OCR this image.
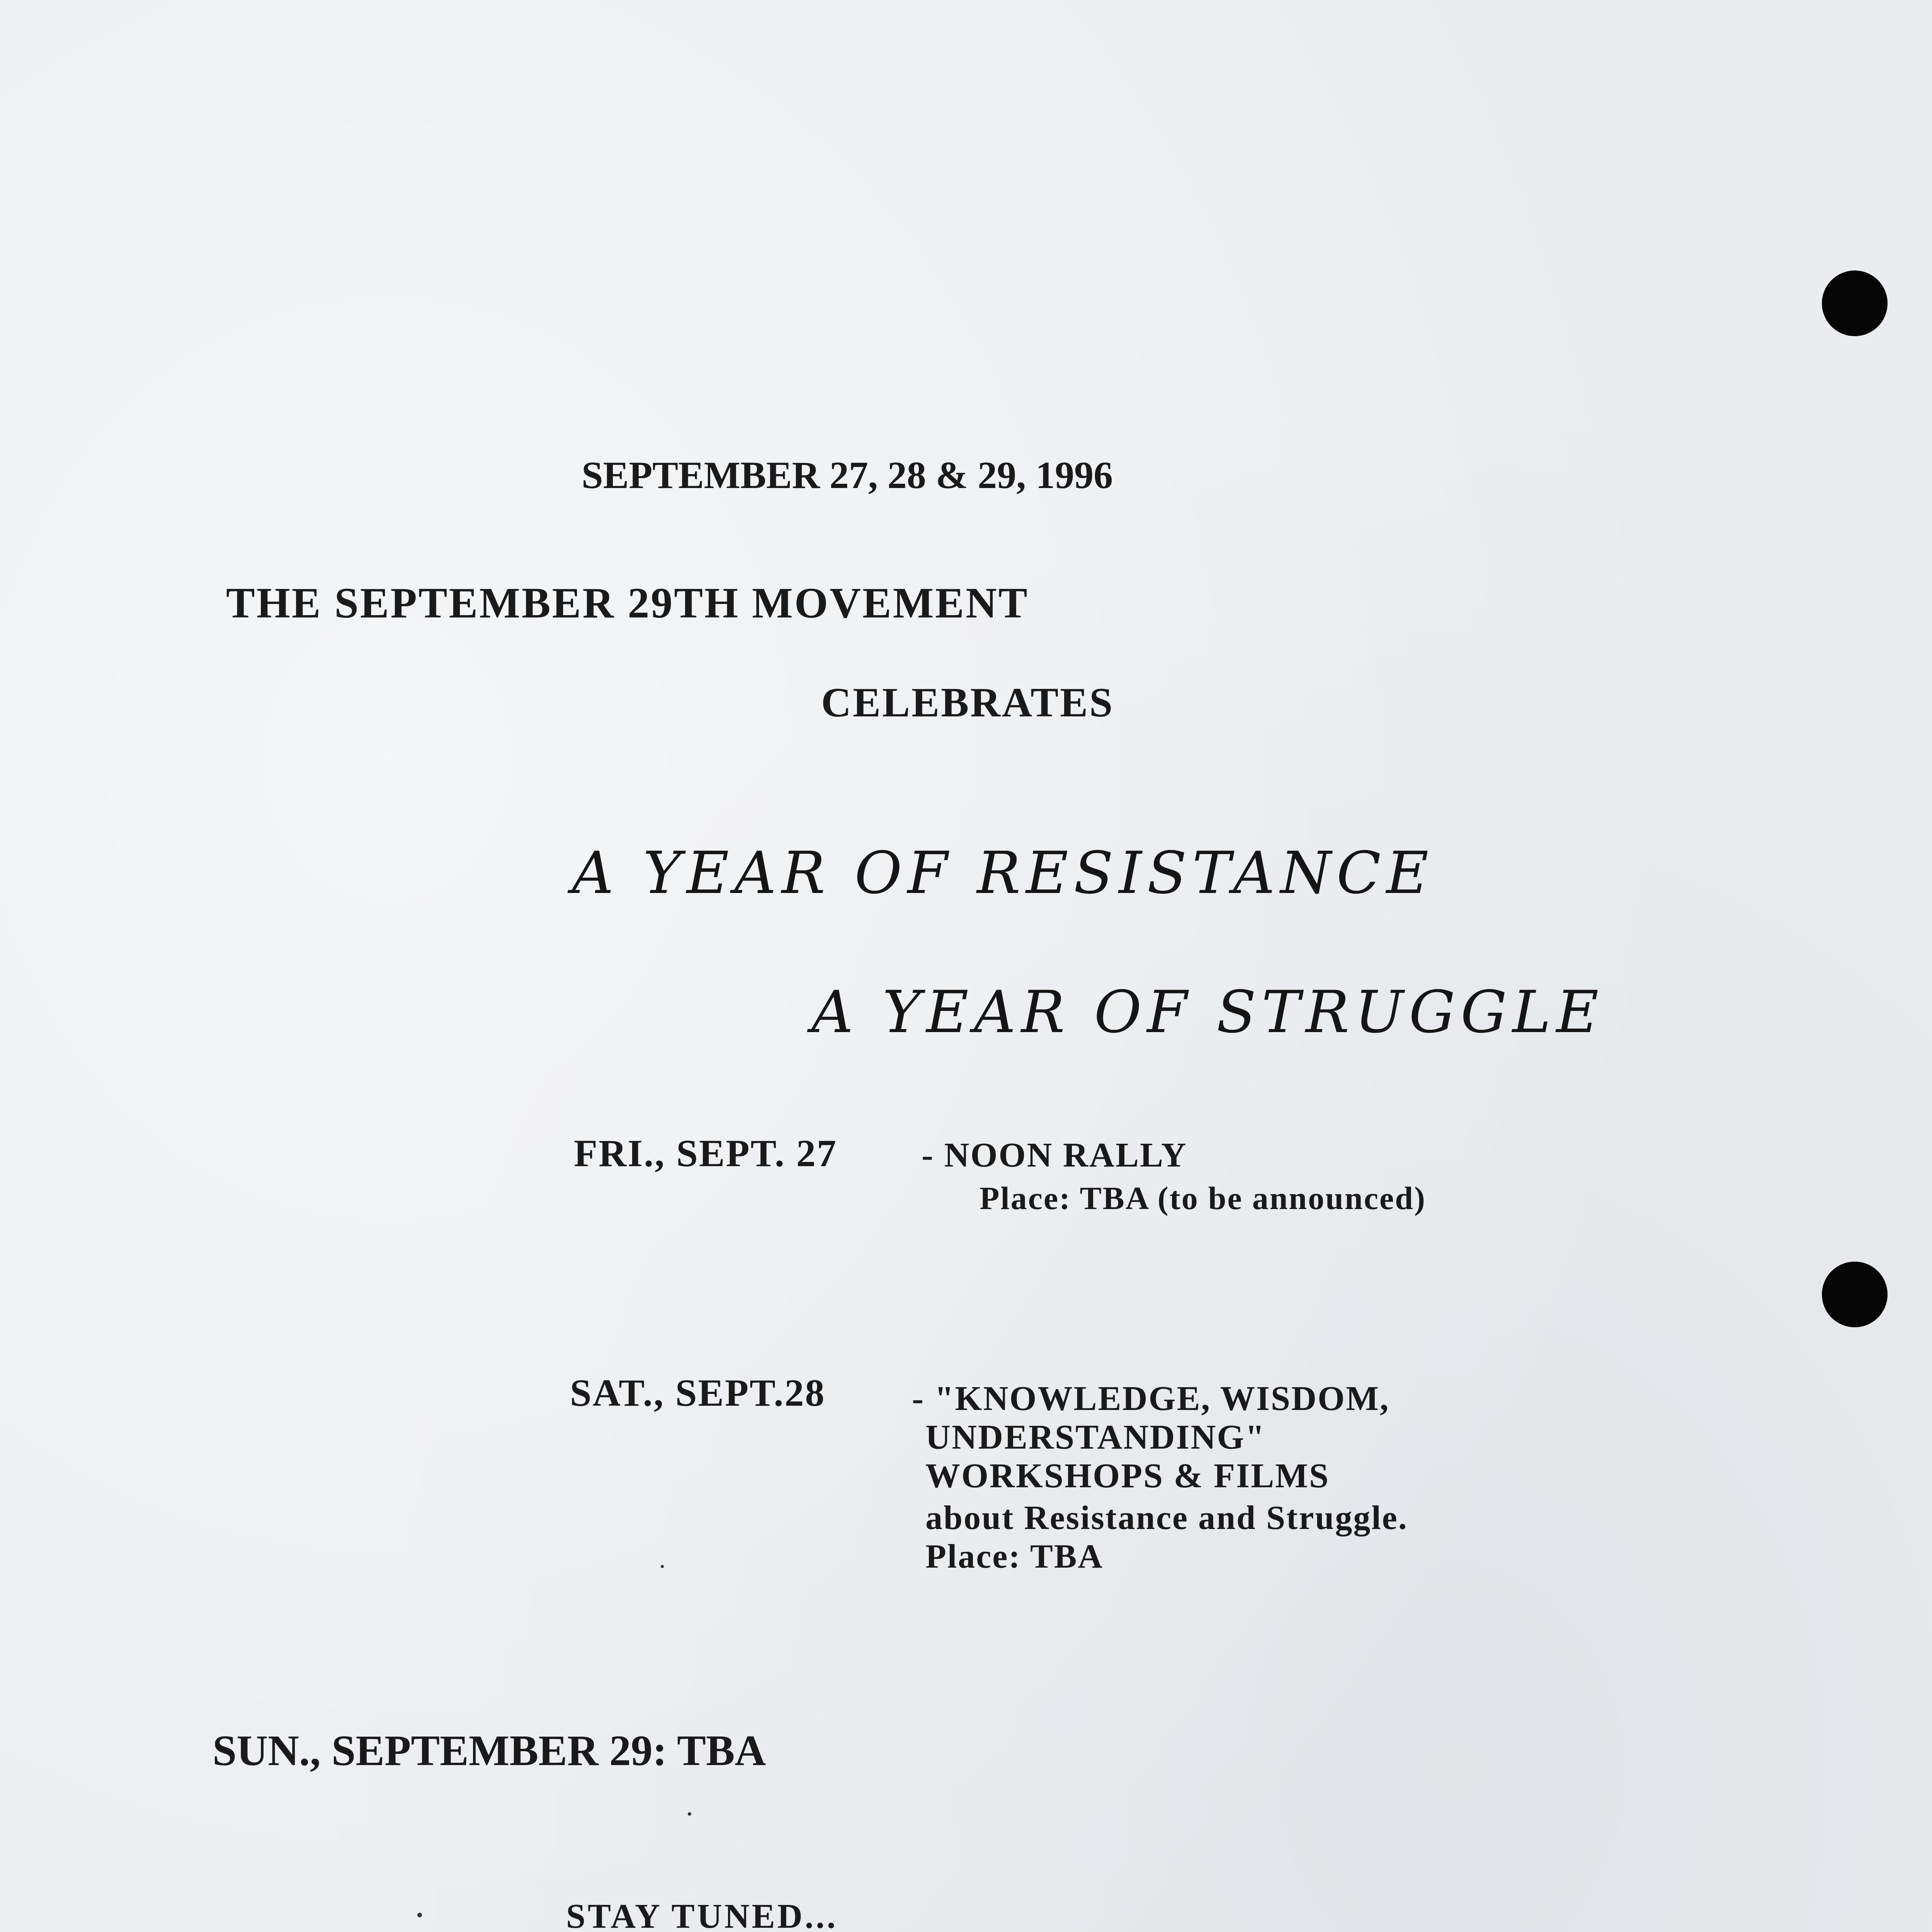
SEPTEMBER 27, 28 & 29, 1996
THE SEPTEMBER 29TH MOVEMENT
CELEBRATES
A YEAR OF RESISTANCE
A YEAR OF STRUGGLE
FRI., SEPT. 27 - NOON RALLY
Place: TBA (to be announced)
SAT., SEPT.28 - "KNOWLEDGE, WISDOM,
UNDERSTANDING"
WORKSHOPS & FILMS
about Resistance and Struggle.
Place: TBA
SUN., SEPTEMBER 29: TBA
STAY TUNED...
